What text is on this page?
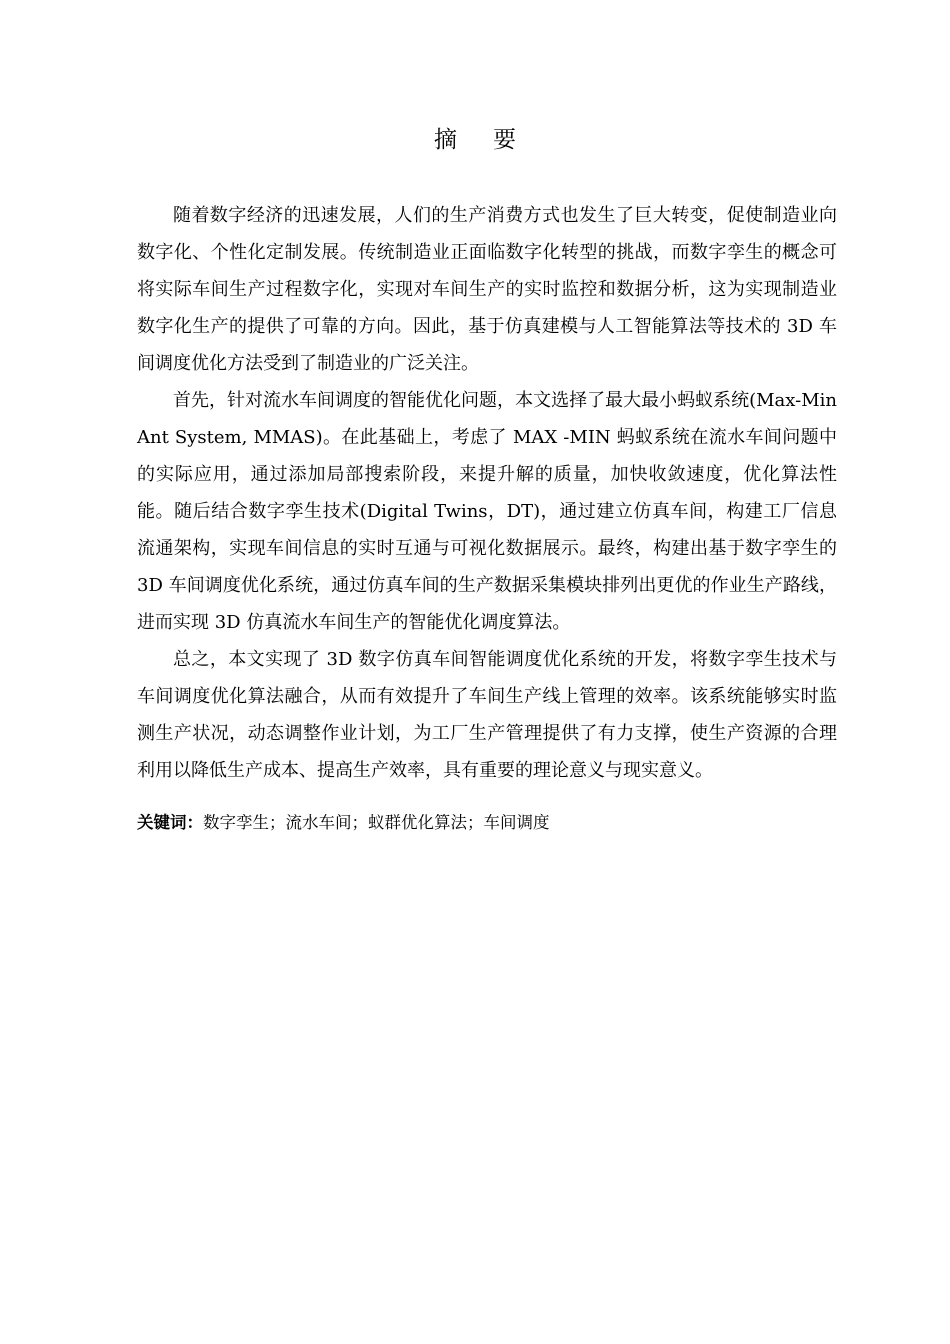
摘 要

随着数字经济的迅速发展，人们的生产消费方式也发生了巨大转变，促使制造业向数字化、个性化定制发展。传统制造业正面临数字化转型的挑战，而数字孪生的概念可将实际车间生产过程数字化，实现对车间生产的实时监控和数据分析，这为实现制造业数字化生产的提供了可靠的方向。因此，基于仿真建模与人工智能算法等技术的 3D 车间调度优化方法受到了制造业的广泛关注。

首先，针对流水车间调度的智能优化问题，本文选择了最大最小蚂蚁系统(Max-Min Ant System, MMAS)。在此基础上，考虑了 MAX -MIN 蚂蚁系统在流水车间问题中的实际应用，通过添加局部搜索阶段，来提升解的质量，加快收敛速度，优化算法性能。随后结合数字孪生技术(Digital Twins，DT)，通过建立仿真车间，构建工厂信息流通架构，实现车间信息的实时互通与可视化数据展示。最终，构建出基于数字孪生的 3D 车间调度优化系统，通过仿真车间的生产数据采集模块排列出更优的作业生产路线，进而实现 3D 仿真流水车间生产的智能优化调度算法。

总之，本文实现了 3D 数字仿真车间智能调度优化系统的开发，将数字孪生技术与车间调度优化算法融合，从而有效提升了车间生产线上管理的效率。该系统能够实时监测生产状况，动态调整作业计划，为工厂生产管理提供了有力支撑，使生产资源的合理利用以降低生产成本、提高生产效率，具有重要的理论意义与现实意义。

关键词：数字孪生；流水车间；蚁群优化算法；车间调度
